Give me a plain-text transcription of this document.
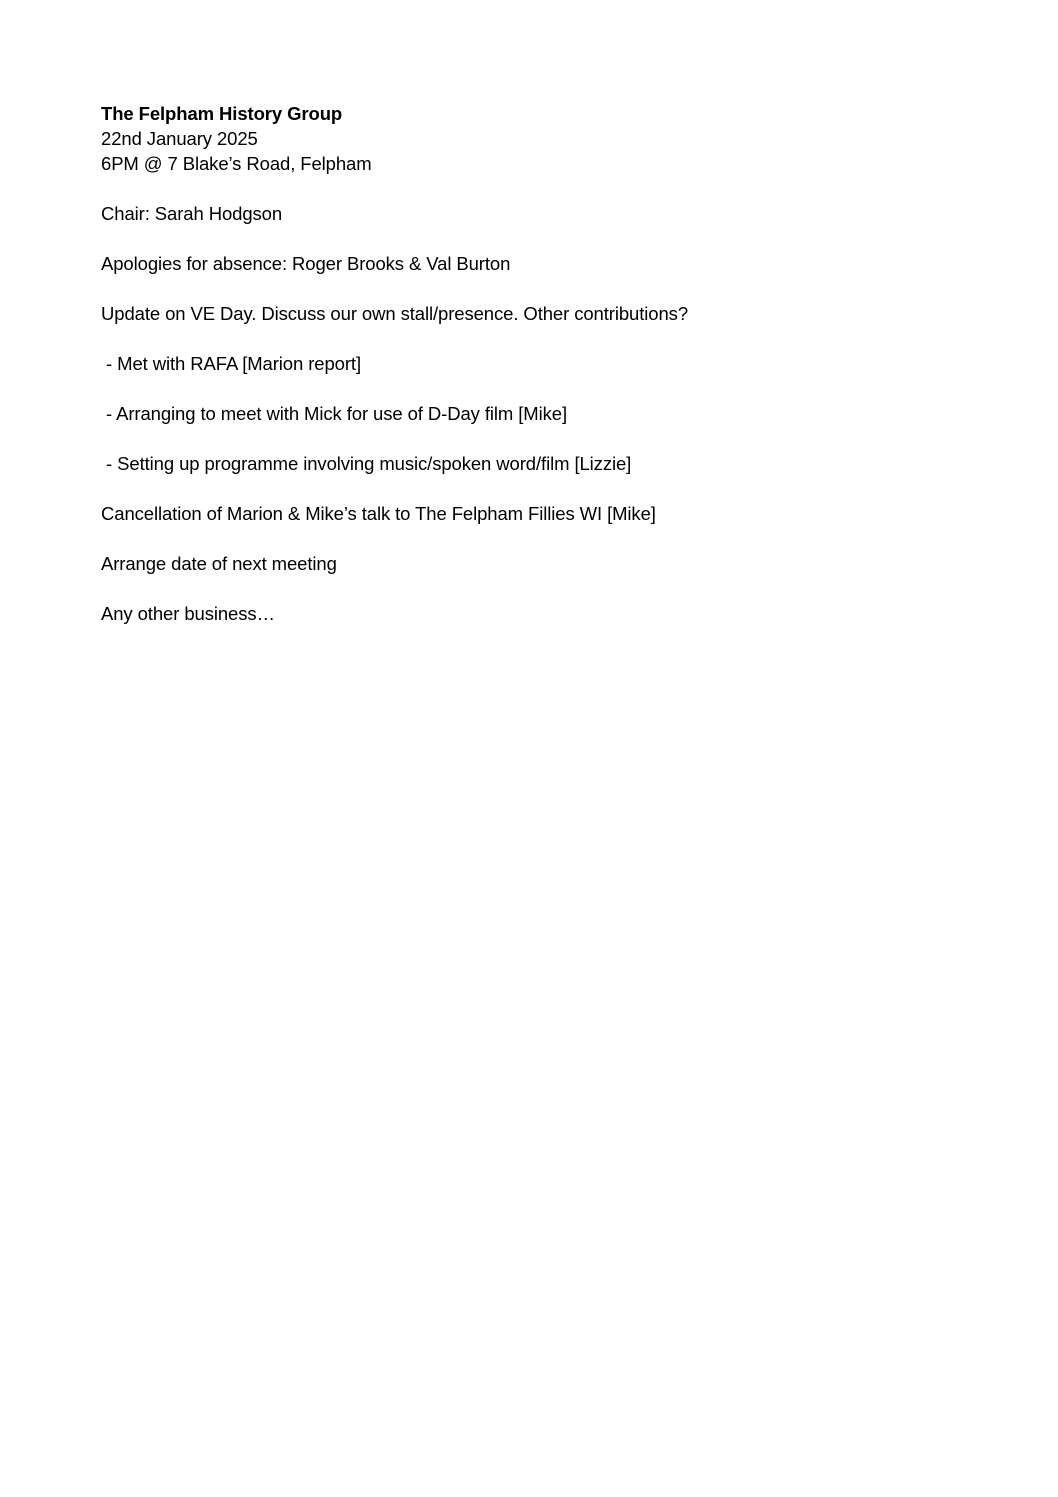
The Felpham History Group
22nd January 2025
6PM @ 7 Blake’s Road, Felpham
Chair: Sarah Hodgson
Apologies for absence: Roger Brooks & Val Burton
Update on VE Day. Discuss our own stall/presence. Other contributions?
- Met with RAFA [Marion report]
- Arranging to meet with Mick for use of D-Day film [Mike]
- Setting up programme involving music/spoken word/film [Lizzie]
Cancellation of Marion & Mike’s talk to The Felpham Fillies WI [Mike]
Arrange date of next meeting
Any other business…
